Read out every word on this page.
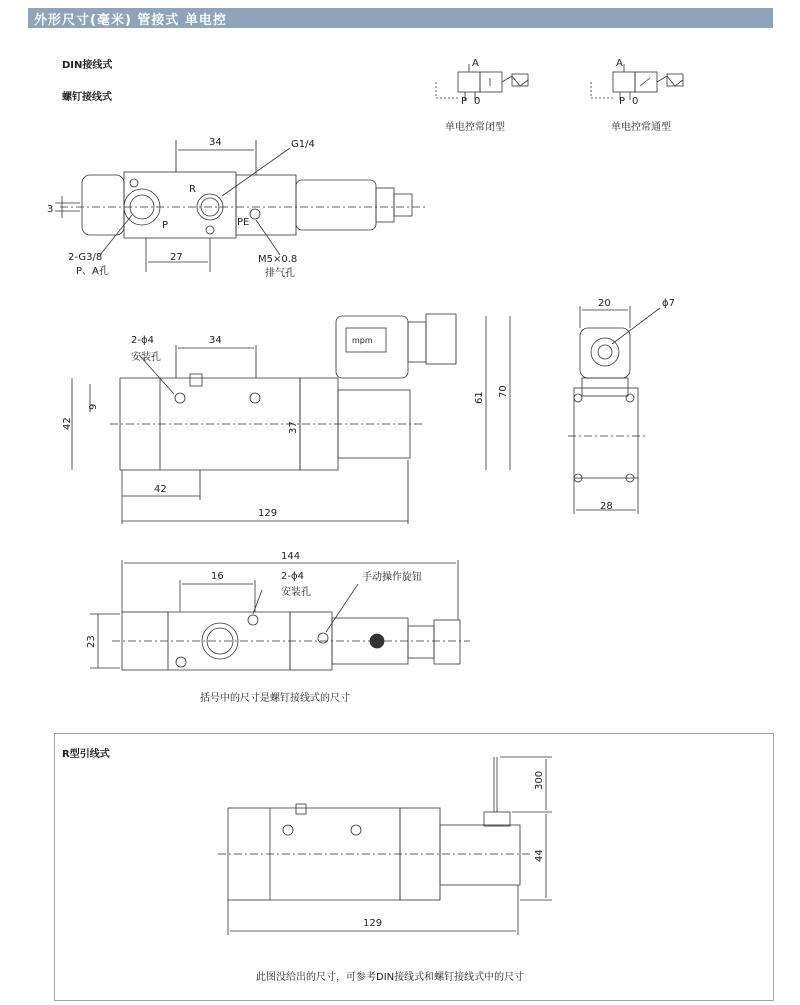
外形尺寸(毫米) 管接式 单电控
DIN接线式
螺钉接线式
单电控常闭型	单电控常通型
括号中的尺寸是螺钉接线式的尺寸
R型引线式
此图没给出的尺寸，可参考DIN接线式和螺钉接线式中的尺寸
A
P 0
A
P 0
34	G1/4
3
R
P	PE
2-G3/8
P、A孔
27	M5×0.8
排气孔
2-ϕ4
安装孔
34
42
9
37
61 70
42
129
mpm
20	ϕ7
28
144
16	2-ϕ4
安装孔
手动操作旋钮
23
300
44
129
